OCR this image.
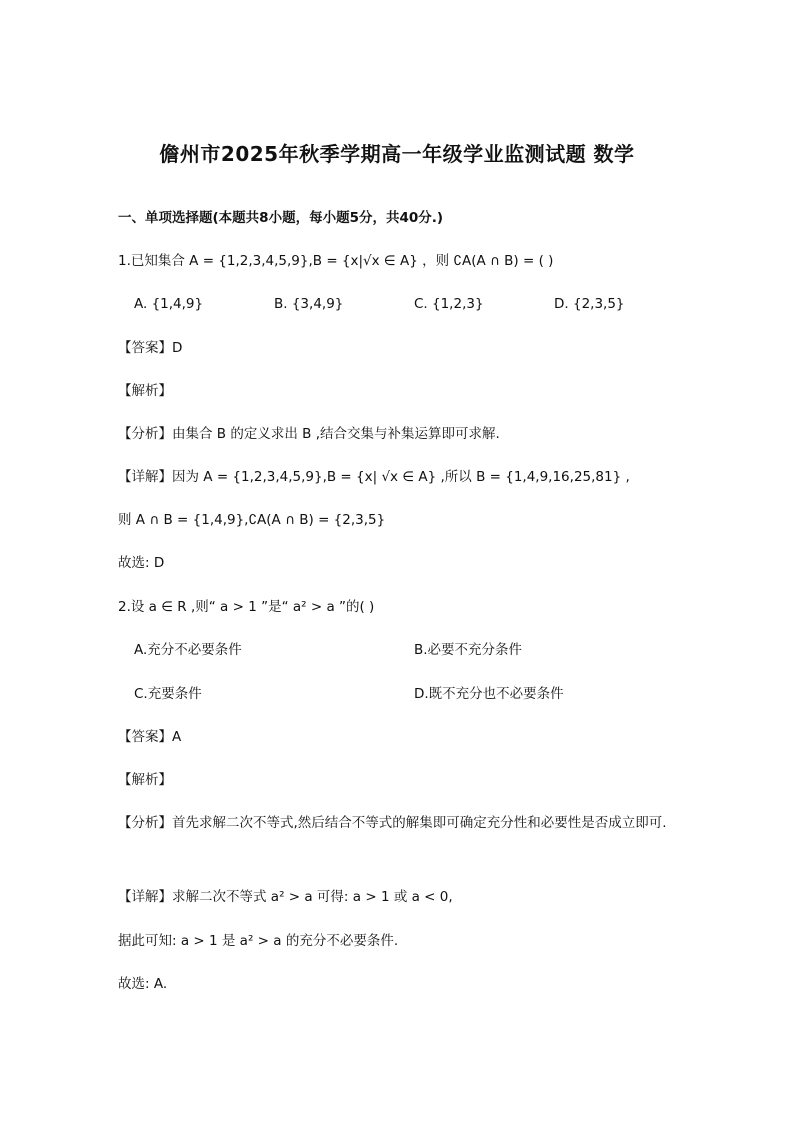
儋州市2025年秋季学期高一年级学业监测试题 数学
一、单项选择题(本题共8小题，每小题5分，共40分.)
1.已知集合 A = {1,2,3,4,5,9},B = {x|√x ∈ A} ，则 ∁A(A ∩ B) = ( )
A. {1,4,9}	B. {3,4,9}	C. {1,2,3}	D. {2,3,5}
【答案】D
【解析】
【分析】由集合 B 的定义求出 B ,结合交集与补集运算即可求解.
【详解】因为 A = {1,2,3,4,5,9},B = {x| √x ∈ A} ,所以 B = {1,4,9,16,25,81} ,
则 A ∩ B = {1,4,9},∁A(A ∩ B) = {2,3,5}
故选: D
2.设 a ∈ R ,则“ a > 1 ”是“ a² > a ”的( )
A.充分不必要条件	B.必要不充分条件
C.充要条件	D.既不充分也不必要条件
【答案】A
【解析】
【分析】首先求解二次不等式,然后结合不等式的解集即可确定充分性和必要性是否成立即可.
【详解】求解二次不等式 a² > a 可得: a > 1 或 a < 0,
据此可知: a > 1 是 a² > a 的充分不必要条件.
故选: A.
